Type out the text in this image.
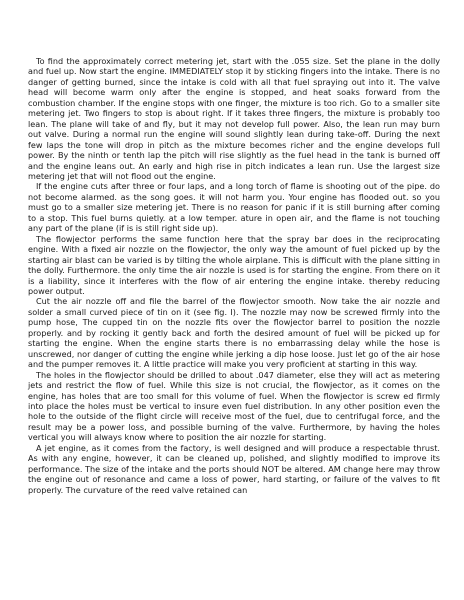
To find the approximately correct metering jet, start with the .055 size. Set the plane in the dolly and fuel up. Now start the engine. IMMEDIATELY stop it by sticking fingers into the intake. There is no danger of getting burned, since the intake is cold with all that fuel spraying out into it. The valve head will become warm only after the engine is stopped, and heat soaks forward from the combustion chamber. If the engine stops with one finger, the mixture is too rich. Go to a smaller site metering jet. Two fingers to stop is about right. If it takes three fingers, the mixture is probably too lean. The plane will take of and fly, but it may not develop full power. Also, the lean run may burn out valve. During a normal run the engine will sound slightly lean during take-off. During the next few laps the tone will drop in pitch as the mixture becomes richer and the engine develops full power. By the ninth or tenth lap the pitch will rise slightly as the fuel head in the tank is burned off and the engine leans out. An early and high rise in pitch indicates a lean run. Use the largest size metering jet that will not flood out the engine.

If the engine cuts after three or four laps, and a long torch of flame is shooting out of the pipe. do not become alarmed. as the song goes. it will not harm you. Your engine has flooded out. so you must go to a smaller size metering jet. There is no reason for panic if it is still burning after coming to a stop. This fuel burns quietly. at a low temper. ature in open air, and the flame is not touching any part of the plane (if is is still right side up).

The flowjector performs the same function here that the spray bar does in the reciprocating engine. With a fixed air nozzle on the flowjector, the only way the amount of fuel picked up by the starting air blast can be varied is by tilting the whole airplane. This is difficult with the plane sitting in the dolly. Furthermore. the only time the air nozzle is used is for starting the engine. From there on it is a liability, since it interferes with the flow of air entering the engine intake. thereby reducing power output.

Cut the air nozzle off and file the barrel of the flowjector smooth. Now take the air nozzle and solder a small curved piece of tin on it (see fig. I). The nozzle may now be screwed firmly into the pump hose, The cupped tin on the nozzle fits over the flowjector barrel to position the nozzle properly. and by rocking it gently back and forth the desired amount of fuel will be picked up for starting the engine. When the engine starts there is no embarrassing delay while the hose is unscrewed, nor danger of cutting the engine while jerking a dip hose loose. Just let go of the air hose and the pumper removes it. A little practice will make you very proficient at starting in this way.

The holes in the flowjector should be drilled to about .047 diameter, else they will act as metering jets and restrict the flow of fuel. While this size is not crucial, the flowjector, as it comes on the engine, has holes that are too small for this volume of fuel. When the flowjector is screw ed firmly into place the holes must be vertical to insure even fuel distribution. In any other position even the hole to the outside of the flight circle will receive most of the fuel, due to centrifugal force, and the result may be a power loss, and possible burning of the valve. Furthermore, by having the holes vertical you will always know where to position the air nozzle for starting.

A jet engine, as it comes from the factory, is well designed and will produce a respectable thrust. As with any engine, however, it can be cleaned up, polished, and slightly modified to improve its performance. The size of the intake and the ports should NOT be altered. AM change here may throw the engine out of resonance and came a loss of power, hard starting, or failure of the valves to fit properly. The curvature of the reed valve retained can
